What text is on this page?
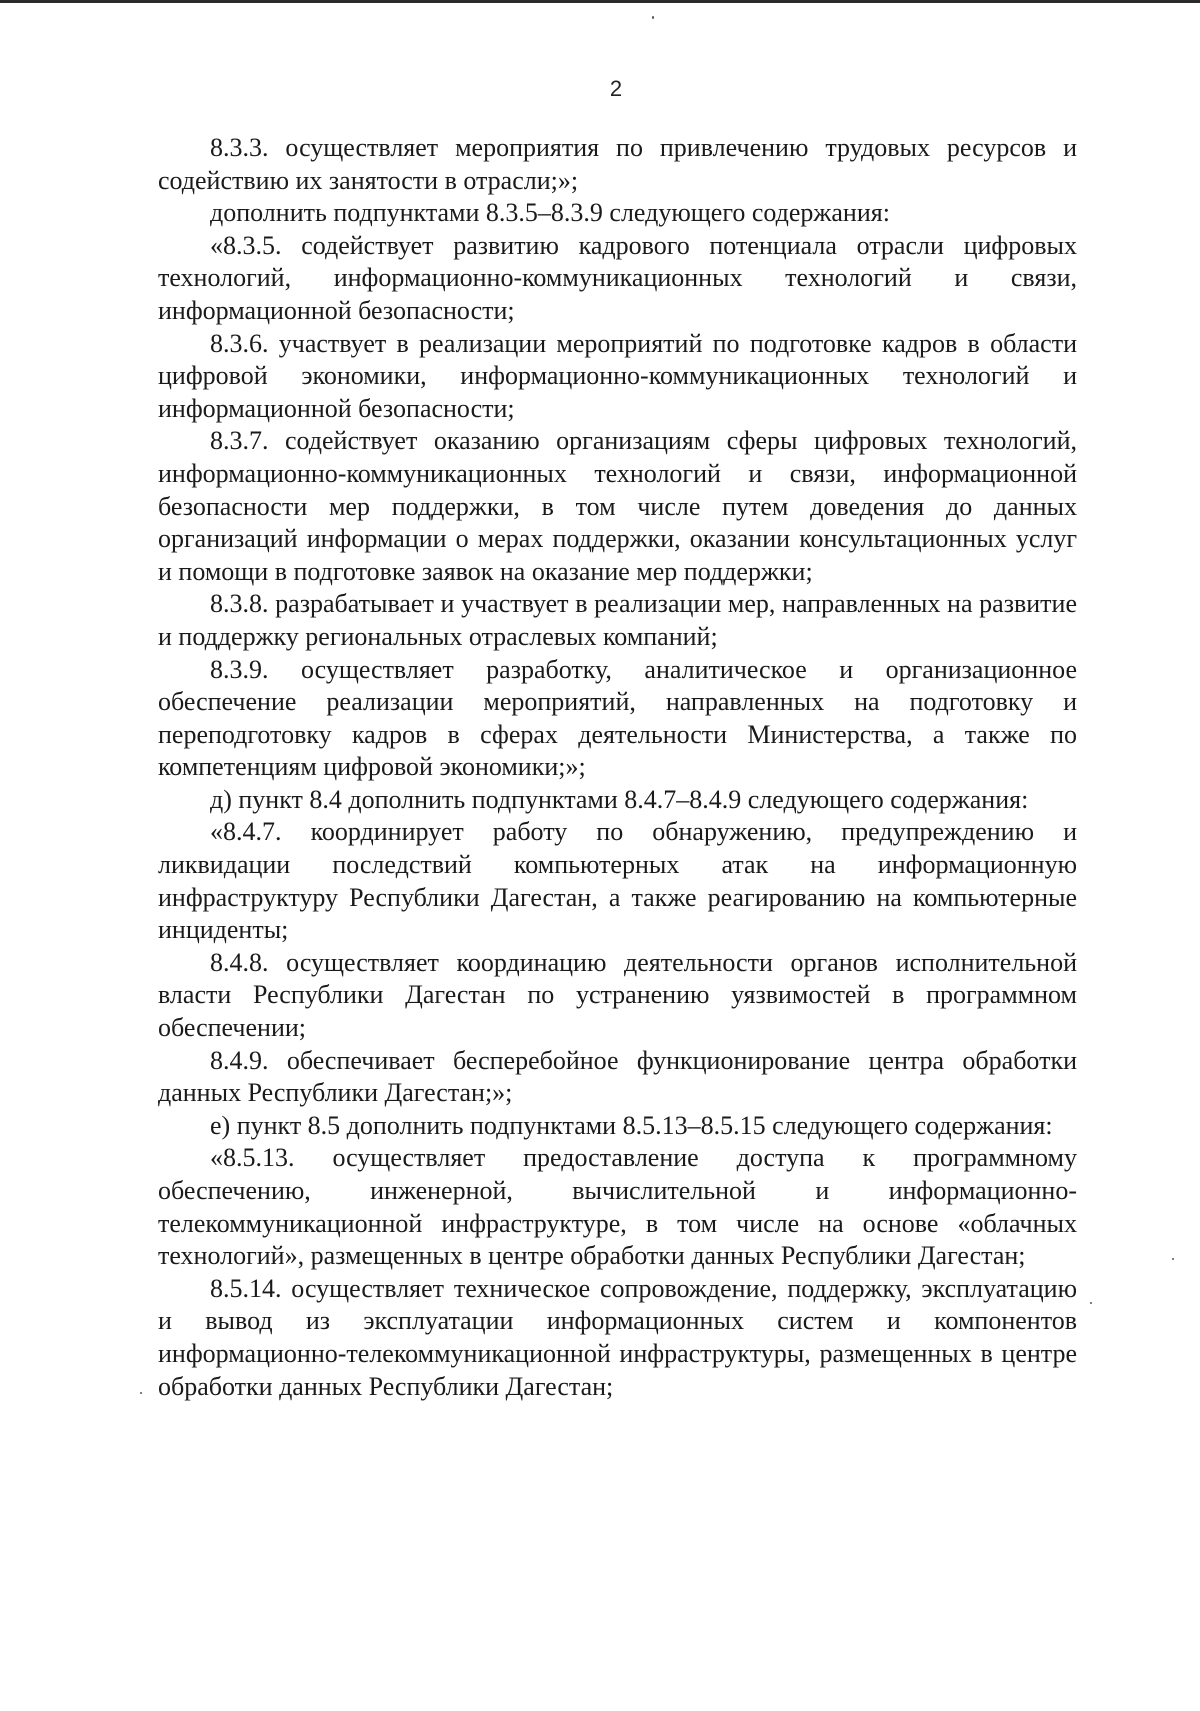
2

8.3.3. осуществляет мероприятия по привлечению трудовых ресурсов и содействию их занятости в отрасли;»;

дополнить подпунктами 8.3.5–8.3.9 следующего содержания:

«8.3.5. содействует развитию кадрового потенциала отрасли цифровых технологий, информационно-коммуникационных технологий и связи, информационной безопасности;

8.3.6. участвует в реализации мероприятий по подготовке кадров в области цифровой экономики, информационно-коммуникационных технологий и информационной безопасности;

8.3.7. содействует оказанию организациям сферы цифровых технологий, информационно-коммуникационных технологий и связи, информационной безопасности мер поддержки, в том числе путем доведения до данных организаций информации о мерах поддержки, оказании консультационных услуг и помощи в подготовке заявок на оказание мер поддержки;

8.3.8. разрабатывает и участвует в реализации мер, направленных на развитие и поддержку региональных отраслевых компаний;

8.3.9. осуществляет разработку, аналитическое и организационное обеспечение реализации мероприятий, направленных на подготовку и переподготовку кадров в сферах деятельности Министерства, а также по компетенциям цифровой экономики;»;

д) пункт 8.4 дополнить подпунктами 8.4.7–8.4.9 следующего содержания:

«8.4.7. координирует работу по обнаружению, предупреждению и ликвидации последствий компьютерных атак на информационную инфраструктуру Республики Дагестан, а также реагированию на компьютерные инциденты;

8.4.8. осуществляет координацию деятельности органов исполнительной власти Республики Дагестан по устранению уязвимостей в программном обеспечении;

8.4.9. обеспечивает бесперебойное функционирование центра обработки данных Республики Дагестан;»;

е) пункт 8.5 дополнить подпунктами 8.5.13–8.5.15 следующего содержания:

«8.5.13. осуществляет предоставление доступа к программному обеспечению, инженерной, вычислительной и информационно-телекоммуникационной инфраструктуре, в том числе на основе «облачных технологий», размещенных в центре обработки данных Республики Дагестан;

8.5.14. осуществляет техническое сопровождение, поддержку, эксплуатацию и вывод из эксплуатации информационных систем и компонентов информационно-телекоммуникационной инфраструктуры, размещенных в центре обработки данных Республики Дагестан;
